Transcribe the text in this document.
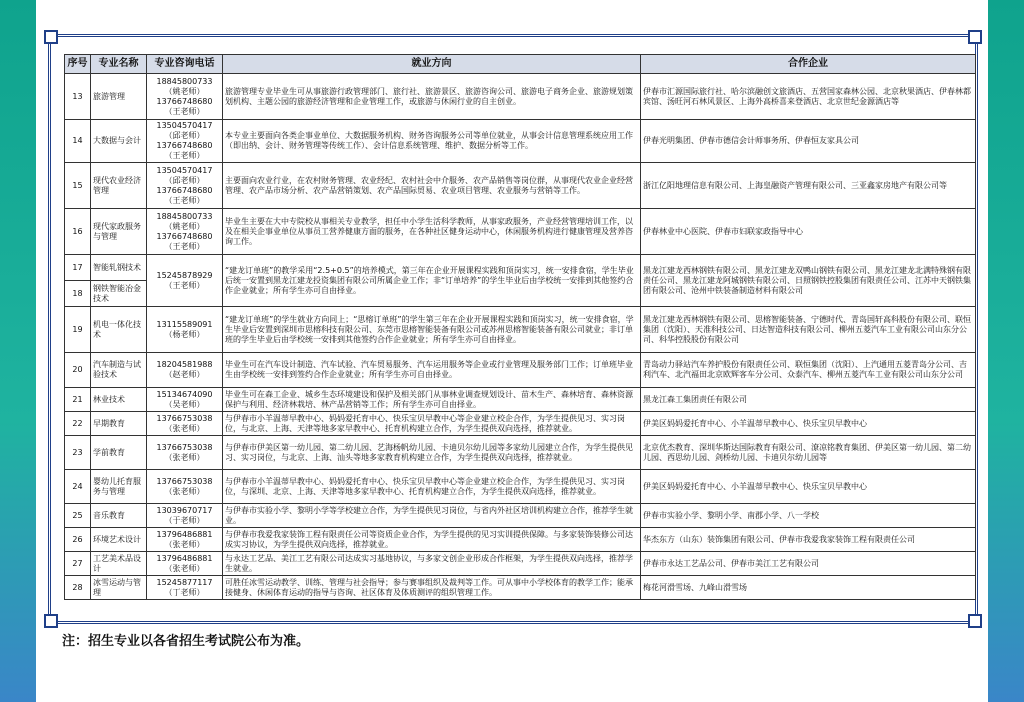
序号	专业名称	专业咨询电话	就业方向	合作企业
13	旅游管理	18845800733
（姚老师）
13766748680
（王老师）	旅游管理专业毕业生可从事旅游行政管理部门、旅行社、旅游景区、旅游咨询公司、旅游电子商务企业、旅游规划策划机构、主题公园的旅游经济管理和企业管理工作，或旅游与休闲行业的自主创业。	伊春市汇源国际旅行社、哈尔滨融创文旅酒店、五营国家森林公园、北京秋果酒店、伊春林都宾馆、汤旺河石林风景区、上海外高桥喜来登酒店、北京世纪金源酒店等
14	大数据与会计	13504570417
（邱老师）
13766748680
（王老师）	本专业主要面向各类企事业单位、大数据服务机构、财务咨询服务公司等单位就业，从事会计信息管理系统应用工作（即出纳、会计、财务管理等传统工作）、会计信息系统管理、维护、数据分析等工作。	伊春光明集团、伊春市德信会计师事务所、伊春恒友家具公司
15	现代农业经济管理	13504570417
（邱老师）
13766748680
（王老师）	主要面向农业行业，在农村财务管理、农业经纪、农村社会中介服务、农产品销售等岗位群，从事现代农业企业经营管理、农产品市场分析、农产品营销策划、农产品国际贸易、农业项目管理、农业服务与营销等工作。	浙江亿阳地理信息有限公司、上海皇融资产管理有限公司、三亚鑫家房地产有限公司等
16	现代家政服务与管理	18845800733
（姚老师）
13766748680
（王老师）	毕业生主要在大中专院校从事相关专业教学，担任中小学生活科学教师，从事家政服务，产业经营管理培训工作，以及在相关企事业单位从事员工营养健康方面的服务，在各种社区健身运动中心，休闲服务机构进行健康管理及营养咨询工作。	伊春林业中心医院、伊春市妇联家政指导中心
17	智能轧钢技术	15245878929
（王老师）	“建龙订单班”的教学采用“2.5+0.5”的培养模式，第三年在企业开展课程实践和顶岗实习，统一安排食宿，学生毕业后统一安置到黑龙江建龙投资集团有限公司所属企业工作；非“订单培养”的学生毕业后由学校统一安排到其他签约合作企业就业；所有学生亦可自由择业。	黑龙江建龙西林钢铁有限公司、黑龙江建龙双鸭山钢铁有限公司、黑龙江建龙北满特殊钢有限责任公司、黑龙江建龙阿城钢铁有限公司、日照钢铁控股集团有限责任公司、江苏中天钢铁集团有限公司、沧州中铁装备制造材料有限公司
18	钢铁智能冶金技术			
19	机电一体化技术	13115589091
（杨老师）	“建龙订单班”的学生就业方向同上；“思榕订单班”的学生第三年在企业开展课程实践和顶岗实习，统一安排食宿，学生毕业后安置到深圳市思榕科技有限公司、东莞市思榕智能装备有限公司或苏州思榕智能装备有限公司就业；非订单班的学生毕业后由学校统一安排到其他签约合作企业就业；所有学生亦可自由择业。	黑龙江建龙西林钢铁有限公司、思榕智能装备、宁德时代、青岛国轩高科股份有限公司、联恒集团（沈阳）、天准科技公司、日达智造科技有限公司、柳州五菱汽车工业有限公司山东分公司、科华控股股份有限公司
20	汽车制造与试验技术	18204581988
（赵老师）	毕业生可在汽车设计制造、汽车试验、汽车贸易服务、汽车运用服务等企业或行业管理及服务部门工作；订单班毕业生由学校统一安排到签约合作企业就业；所有学生亦可自由择业。	青岛动力驿站汽车养护股份有限责任公司、联恒集团（沈阳）、上汽通用五菱青岛分公司、吉利汽车、北汽福田北京欧辉客车分公司、众泰汽车、柳州五菱汽车工业有限公司山东分公司
21	林业技术	15134674090
（吴老师）	毕业生可在森工企业、城乡生态环境建设和保护及相关部门从事林业调查规划设计、苗木生产、森林培育、森林资源保护与利用、经济林栽培、林产品营销等工作；所有学生亦可自由择业。	黑龙江森工集团责任有限公司
22	早期教育	13766753038
（张老师）	与伊春市小羊温蒂早教中心、妈妈爱托育中心、快乐宝贝早教中心等企业建立校企合作，为学生提供见习、实习岗位，与北京、上海、天津等地多家早教中心、托育机构建立合作，为学生提供双向选择，推荐就业。	伊美区妈妈爱托育中心、小羊温蒂早教中心、快乐宝贝早教中心
23	学前教育	13766753038
（张老师）	与伊春市伊美区第一幼儿园、第二幼儿园、艺海杨帆幼儿园、卡迪贝尔幼儿园等多家幼儿园建立合作，为学生提供见习、实习岗位，与北京、上海、汕头等地多家教育机构建立合作，为学生提供双向选择，推荐就业。	北京优杰教育、深圳华斯达国际教育有限公司、潦凉铭教育集团、伊美区第一幼儿园、第二幼儿园、西思幼儿园、剑桥幼儿园、卡迪贝尔幼儿园等
24	婴幼儿托育服务与管理	13766753038
（张老师）	与伊春市小羊温蒂早教中心、妈妈爱托育中心、快乐宝贝早教中心等企业建立校企合作，为学生提供见习、实习岗位，与深圳、北京、上海、天津等地多家早教中心、托育机构建立合作，为学生提供双向选择，推荐就业。	伊美区妈妈爱托育中心、小羊温蒂早教中心、快乐宝贝早教中心
25	音乐教育	13039670717
（于老师）	与伊春市实验小学、黎明小学等学校建立合作，为学生提供见习岗位，与省内外社区培训机构建立合作，推荐学生就业。	伊春市实验小学、黎明小学、南郡小学、八一学校
26	环境艺术设计	13796486881
（张老师）	与伊春市我爱我家装饰工程有限责任公司等资质企业合作，为学生提供的见习实训提供保障。与多家装饰装修公司达成实习协议，为学生提供双向选择，推荐就业。	华杰东方（山东）装饰集团有限公司、伊春市我爱我家装饰工程有限责任公司
27	工艺美术品设计	13796486881
（张老师）	与永达工艺品、美江工艺有限公司达成实习基地协议，与多家文创企业形成合作框架，为学生提供双向选择，推荐学生就业。	伊春市永达工艺品公司、伊春市美江工艺有限公司
28	冰雪运动与管理	15245877117
（丁老师）	可胜任冰雪运动教学、训练、管理与社会指导；参与赛事组织及裁判等工作。可从事中小学校体育的教学工作；能承接健身、休闲体育运动的指导与咨询、社区体育及体质测评的组织管理工作。	梅花河滑雪场、九峰山滑雪场
注：招生专业以各省招生考试院公布为准。
